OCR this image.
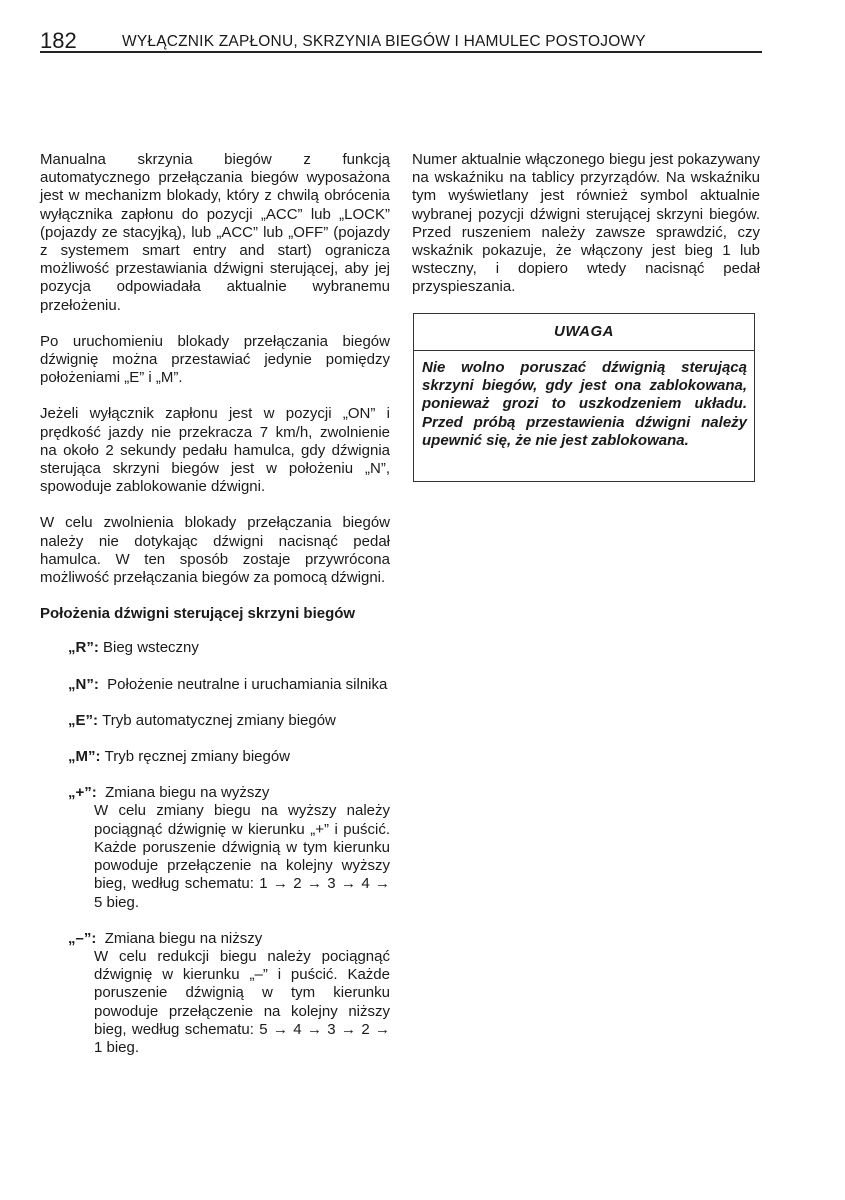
182	WYŁĄCZNIK ZAPŁONU, SKRZYNIA BIEGÓW I HAMULEC POSTOJOWY

Manualna skrzynia biegów z funkcją automatycznego przełączania biegów wyposażona jest w mechanizm blokady, który z chwilą obrócenia wyłącznika zapłonu do pozycji „ACC” lub „LOCK” (pojazdy ze stacyjką), lub „ACC” lub „OFF” (pojazdy z systemem smart entry and start) ogranicza możliwość przestawiania dźwigni sterującej, aby jej pozycja odpowiadała aktualnie wybranemu przełożeniu.

Po uruchomieniu blokady przełączania biegów dźwignię można przestawiać jedynie pomiędzy położeniami „E” i „M”.

Jeżeli wyłącznik zapłonu jest w pozycji „ON” i prędkość jazdy nie przekracza 7 km/h, zwolnienie na około 2 sekundy pedału hamulca, gdy dźwignia sterująca skrzyni biegów jest w położeniu „N”, spowoduje zablokowanie dźwigni.

W celu zwolnienia blokady przełączania biegów należy nie dotykając dźwigni nacisnąć pedał hamulca. W ten sposób zostaje przywrócona możliwość przełączania biegów za pomocą dźwigni.

Położenia dźwigni sterującej skrzyni biegów

„R”: Bieg wsteczny
„N”: Położenie neutralne i uruchamiania silnika
„E”: Tryb automatycznej zmiany biegów
„M”: Tryb ręcznej zmiany biegów
„+”: Zmiana biegu na wyższy
W celu zmiany biegu na wyższy należy pociągnąć dźwignię w kierunku „+” i puścić. Każde poruszenie dźwignią w tym kierunku powoduje przełączenie na kolejny wyższy bieg, według schematu: 1 → 2 → 3 → 4 → 5 bieg.
„–”: Zmiana biegu na niższy
W celu redukcji biegu należy pociągnąć dźwignię w kierunku „–” i puścić. Każde poruszenie dźwignią w tym kierunku powoduje przełączenie na kolejny niższy bieg, według schematu: 5 → 4 → 3 → 2 → 1 bieg.

Numer aktualnie włączonego biegu jest pokazywany na wskaźniku na tablicy przyrządów. Na wskaźniku tym wyświetlany jest również symbol aktualnie wybranej pozycji dźwigni sterującej skrzyni biegów. Przed ruszeniem należy zawsze sprawdzić, czy wskaźnik pokazuje, że włączony jest bieg 1 lub wsteczny, i dopiero wtedy nacisnąć pedał przyspieszania.

UWAGA
Nie wolno poruszać dźwignią sterującą skrzyni biegów, gdy jest ona zablokowana, ponieważ grozi to uszkodzeniem układu. Przed próbą przestawienia dźwigni należy upewnić się, że nie jest zablokowana.
